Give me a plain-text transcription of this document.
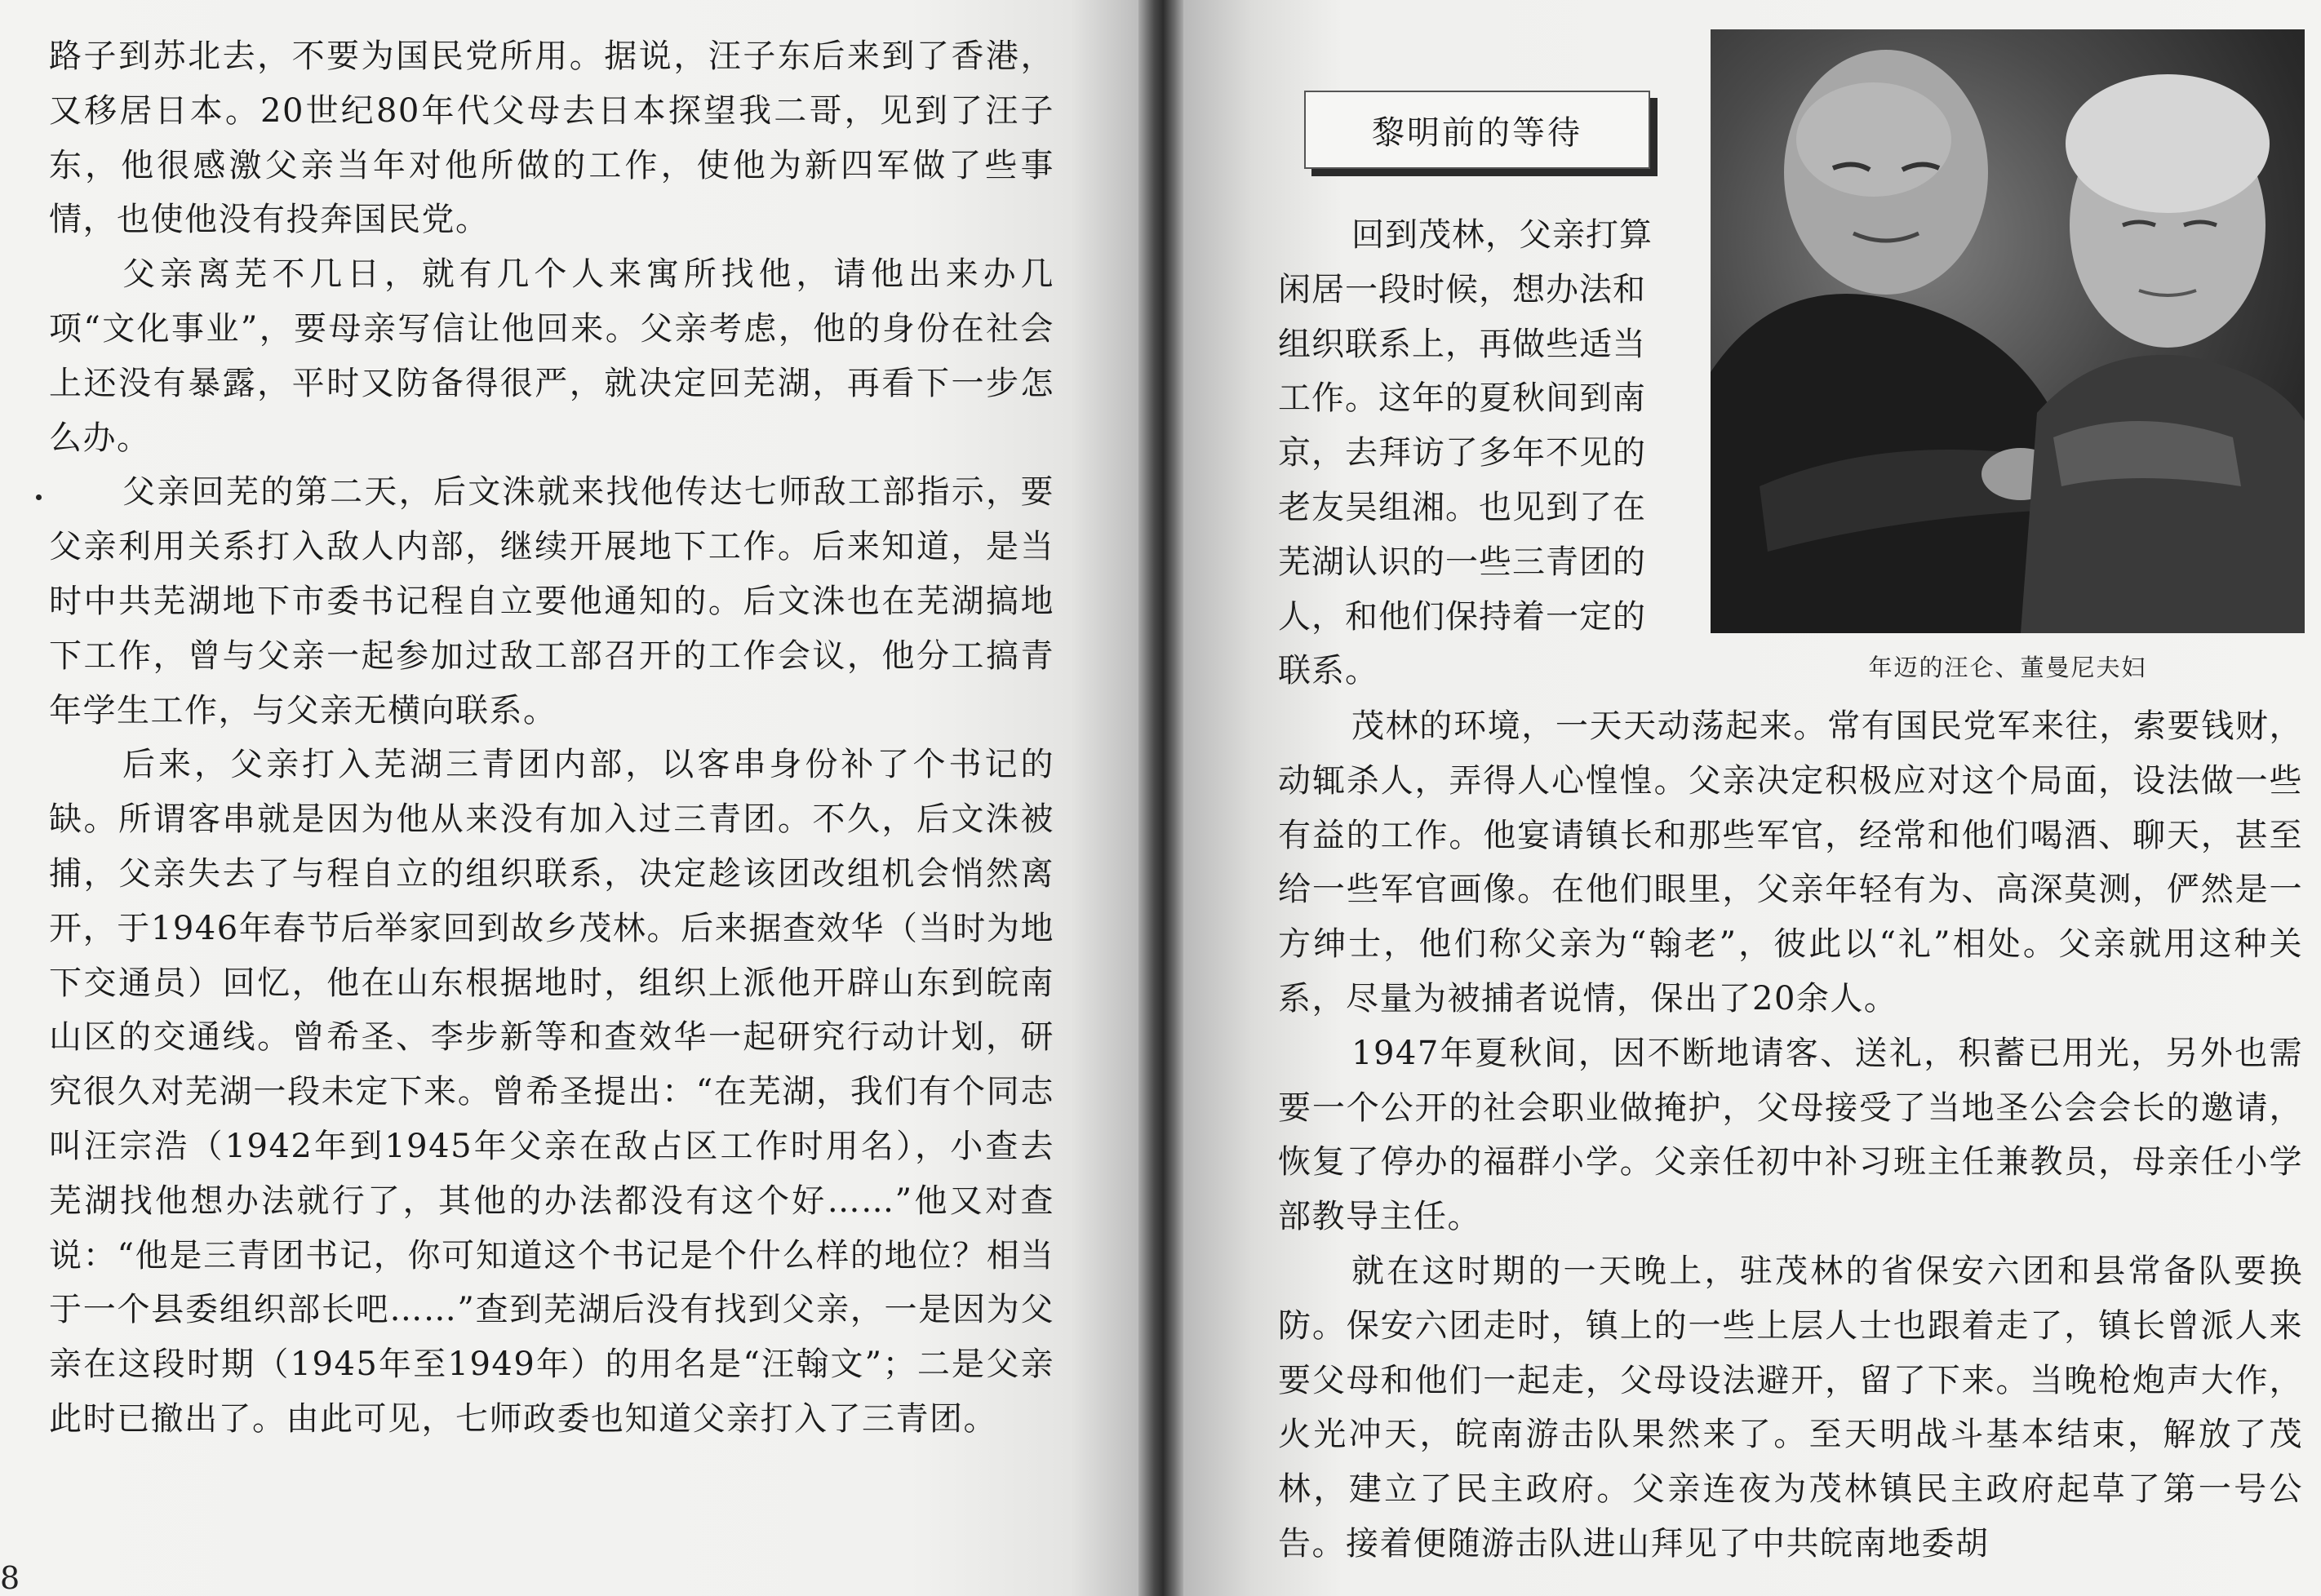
路子到苏北去，不要为国民党所用。据说，汪子东后来到了香港，又移居日本。20世纪80年代父母去日本探望我二哥，见到了汪子东，他很感激父亲当年对他所做的工作，使他为新四军做了些事情，也使他没有投奔国民党。

父亲离芜不几日，就有几个人来寓所找他，请他出来办几项“文化事业”，要母亲写信让他回来。父亲考虑，他的身份在社会上还没有暴露，平时又防备得很严，就决定回芜湖，再看下一步怎么办。

父亲回芜的第二天，后文洙就来找他传达七师敌工部指示，要父亲利用关系打入敌人内部，继续开展地下工作。后来知道，是当时中共芜湖地下市委书记程自立要他通知的。后文洙也在芜湖搞地下工作，曾与父亲一起参加过敌工部召开的工作会议，他分工搞青年学生工作，与父亲无横向联系。

后来，父亲打入芜湖三青团内部，以客串身份补了个书记的缺。所谓客串就是因为他从来没有加入过三青团。不久，后文洙被捕，父亲失去了与程自立的组织联系，决定趁该团改组机会悄然离开，于1946年春节后举家回到故乡茂林。后来据查效华（当时为地下交通员）回忆，他在山东根据地时，组织上派他开辟山东到皖南山区的交通线。曾希圣、李步新等和查效华一起研究行动计划，研究很久对芜湖一段未定下来。曾希圣提出：“在芜湖，我们有个同志叫汪宗浩（1942年到1945年父亲在敌占区工作时用名），小查去芜湖找他想办法就行了，其他的办法都没有这个好……”他又对查说：“他是三青团书记，你可知道这个书记是个什么样的地位？相当于一个县委组织部长吧……”查到芜湖后没有找到父亲，一是因为父亲在这段时期（1945年至1949年）的用名是“汪翰文”；二是父亲此时已撤出了。由此可见，七师政委也知道父亲打入了三青团。

8
黎明前的等待
年迈的汪仑、董曼尼夫妇

回到茂林，父亲打算

闲居一段时候，想办法和

组织联系上，再做些适当

工作。这年的夏秋间到南

京，去拜访了多年不见的

老友吴组湘。也见到了在

芜湖认识的一些三青团的

人，和他们保持着一定的

联系。

茂林的环境，一天天动荡起来。常有国民党军来往，索要钱财，动辄杀人，弄得人心惶惶。父亲决定积极应对这个局面，设法做一些有益的工作。他宴请镇长和那些军官，经常和他们喝酒、聊天，甚至给一些军官画像。在他们眼里，父亲年轻有为、高深莫测，俨然是一方绅士，他们称父亲为“翰老”，彼此以“礼”相处。父亲就用这种关系，尽量为被捕者说情，保出了20余人。

1947年夏秋间，因不断地请客、送礼，积蓄已用光，另外也需要一个公开的社会职业做掩护，父母接受了当地圣公会会长的邀请，恢复了停办的福群小学。父亲任初中补习班主任兼教员，母亲任小学部教导主任。

就在这时期的一天晚上，驻茂林的省保安六团和县常备队要换防。保安六团走时，镇上的一些上层人士也跟着走了，镇长曾派人来要父母和他们一起走，父母设法避开，留了下来。当晚枪炮声大作，火光冲天，皖南游击队果然来了。至天明战斗基本结束，解放了茂林，建立了民主政府。父亲连夜为茂林镇民主政府起草了第一号公告。接着便随游击队进山拜见了中共皖南地委胡
